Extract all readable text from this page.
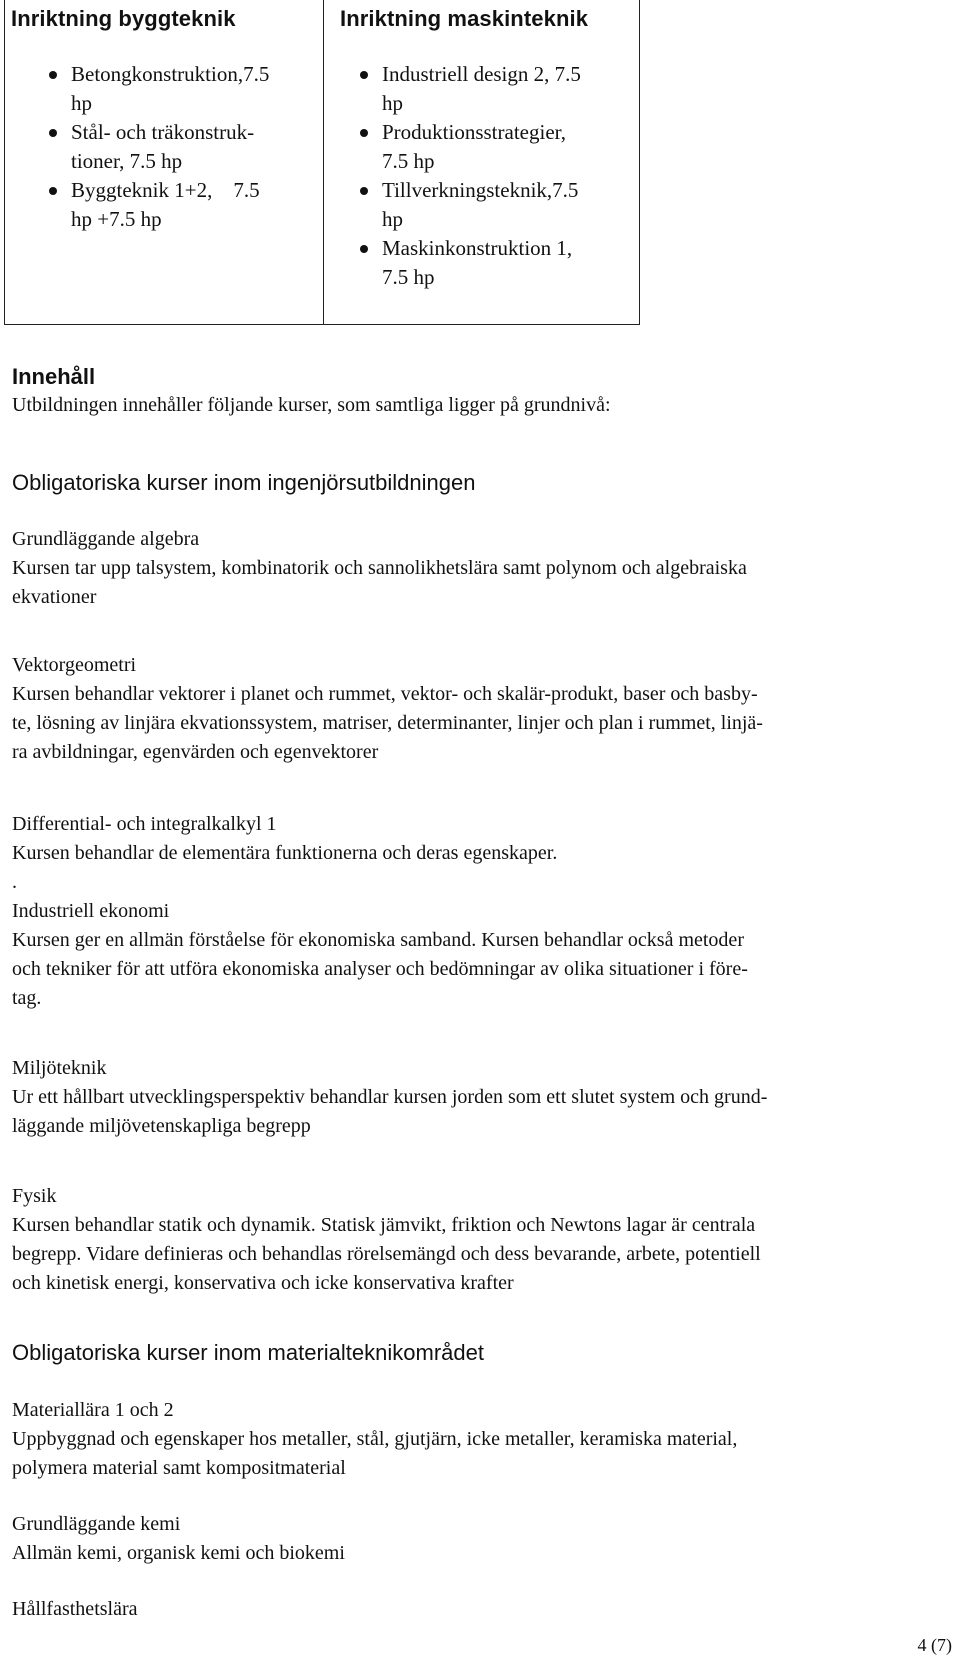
Inriktning byggteknik
Betongkonstruktion,7.5
hp
Stål- och träkonstruk-
tioner, 7.5 hp
Byggteknik 1+2,    7.5
hp +7.5 hp
Inriktning maskinteknik
Industriell design 2, 7.5
hp
Produktionsstrategier,
7.5 hp
Tillverkningsteknik,7.5
hp
Maskinkonstruktion 1,
7.5 hp
Innehåll
Utbildningen innehåller följande kurser, som samtliga ligger på grundnivå:
Obligatoriska kurser inom ingenjörsutbildningen
Grundläggande algebra
Kursen tar upp talsystem, kombinatorik och sannolikhetslära samt polynom och algebraiska
ekvationer
Vektorgeometri
Kursen behandlar vektorer i planet och rummet, vektor- och skalär-produkt, baser och basby-
te, lösning av linjära ekvationssystem, matriser, determinanter, linjer och plan i rummet, linjä-
ra avbildningar, egenvärden och egenvektorer
Differential- och integralkalkyl 1
Kursen behandlar de elementära funktionerna och deras egenskaper.
.
Industriell ekonomi
Kursen ger en allmän förståelse för ekonomiska samband. Kursen behandlar också metoder
och tekniker för att utföra ekonomiska analyser och bedömningar av olika situationer i före-
tag.
Miljöteknik
Ur ett hållbart utvecklingsperspektiv behandlar kursen jorden som ett slutet system och grund-
läggande miljövetenskapliga begrepp
Fysik
Kursen behandlar statik och dynamik. Statisk jämvikt, friktion och Newtons lagar är centrala
begrepp. Vidare definieras och behandlas rörelsemängd och dess bevarande, arbete, potentiell
och kinetisk energi, konservativa och icke konservativa krafter
Obligatoriska kurser inom materialteknikområdet
Materiallära 1 och 2
Uppbyggnad och egenskaper hos metaller, stål, gjutjärn, icke metaller, keramiska material,
polymera material samt kompositmaterial
Grundläggande kemi
Allmän kemi, organisk kemi och biokemi
Hållfasthetslära
4 (7)
